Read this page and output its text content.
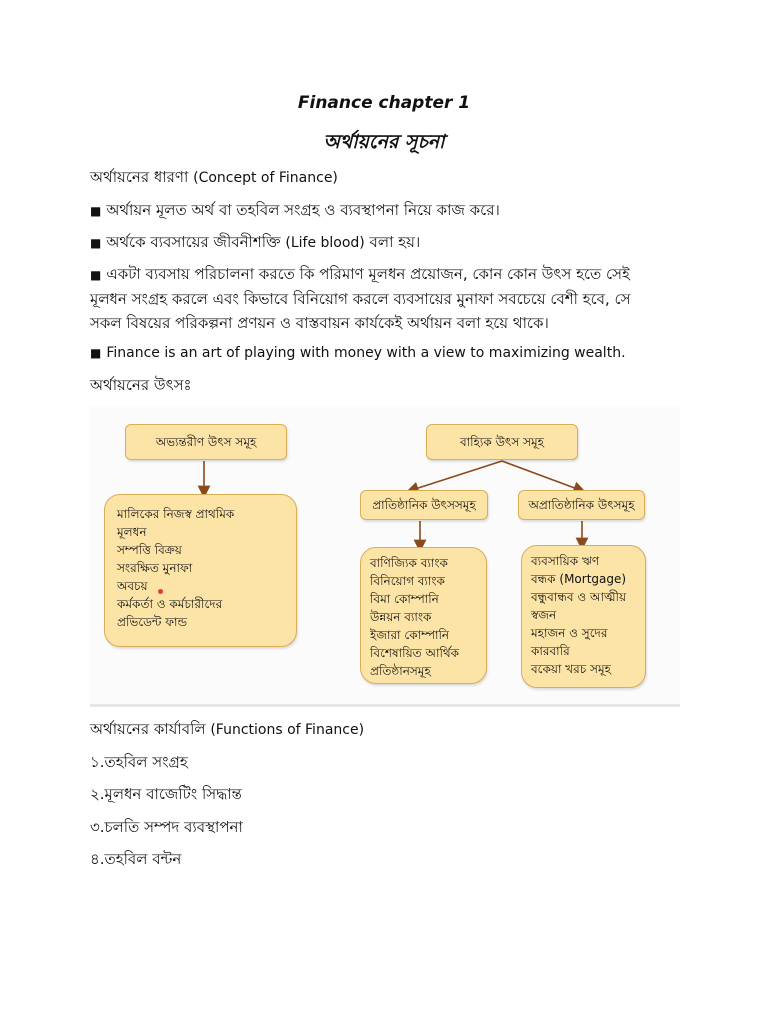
Finance chapter 1
অর্থায়নের সূচনা
অর্থায়নের ধারণা (Concept of Finance)
■ অর্থায়ন মূলত অর্থ বা তহবিল সংগ্রহ ও ব্যবস্থাপনা নিয়ে কাজ করে।
■ অর্থকে ব্যবসায়ের জীবনীশক্তি (Life blood) বলা হয়।
■ একটা ব্যবসায় পরিচালনা করতে কি পরিমাণ মূলধন প্রয়োজন, কোন কোন উৎস হতে সেই
মূলধন সংগ্রহ করলে এবং কিভাবে বিনিয়োগ করলে ব্যবসায়ের মুনাফা সবচেয়ে বেশী হবে, সে
সকল বিষয়ের পরিকল্পনা প্রণয়ন ও বাস্তবায়ন কার্যকেই অর্থায়ন বলা হয়ে থাকে।
■ Finance is an art of playing with money with a view to maximizing wealth.
অর্থায়নের উৎসঃ
অভ্যন্তরীণ উৎস সমূহ	বাহ্যিক উৎস সমূহ
প্রাতিষ্ঠানিক উৎসসমূহ	অপ্রাতিষ্ঠানিক উৎসমূহ
মালিকের নিজস্ব প্রাথমিক
মূলধন
সম্পত্তি বিক্রয়
সংরক্ষিত মুনাফা
অবচয়
কর্মকর্তা ও কর্মচারীদের
প্রভিডেন্ট ফান্ড
বাণিজ্যিক ব্যাংক
বিনিয়োগ ব্যাংক
বিমা কোম্পানি
উন্নয়ন ব্যাংক
ইজারা কোম্পানি
বিশেষায়িত আর্থিক
প্রতিষ্ঠানসমূহ
ব্যবসায়িক ঋণ
বন্ধক (Mortgage)
বন্ধুবান্ধব ও আত্মীয়
স্বজন
মহাজন ও সুদের
কারবারি
বকেয়া খরচ সমূহ
অর্থায়নের কার্যাবলি (Functions of Finance)
১.তহবিল সংগ্রহ
২.মূলধন বাজেটিং সিদ্ধান্ত
৩.চলতি সম্পদ ব্যবস্থাপনা
৪.তহবিল বন্টন
